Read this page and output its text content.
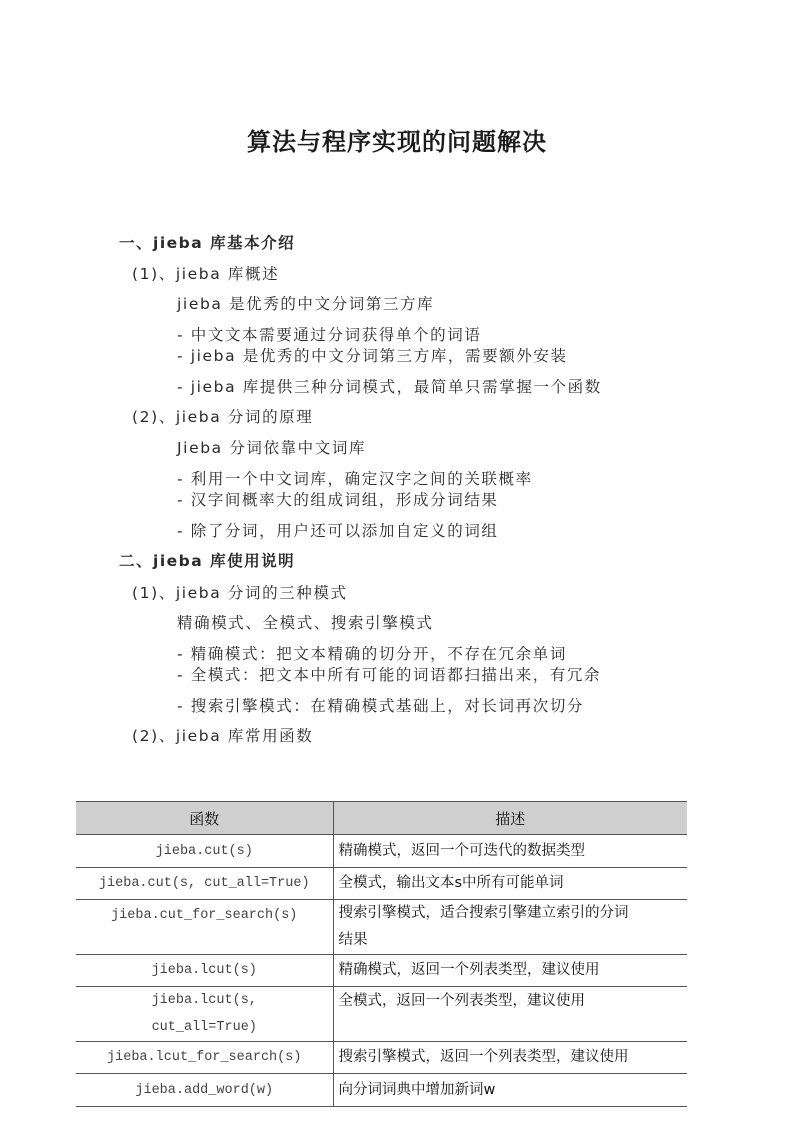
算法与程序实现的问题解决
一、jieba 库基本介绍
(1)、jieba 库概述
jieba 是优秀的中文分词第三方库
- 中文文本需要通过分词获得单个的词语
- jieba 是优秀的中文分词第三方库，需要额外安装
- jieba 库提供三种分词模式，最简单只需掌握一个函数
(2)、jieba 分词的原理
Jieba 分词依靠中文词库
- 利用一个中文词库，确定汉字之间的关联概率
- 汉字间概率大的组成词组，形成分词结果
- 除了分词，用户还可以添加自定义的词组
二、jieba 库使用说明
(1)、jieba 分词的三种模式
精确模式、全模式、搜索引擎模式
- 精确模式：把文本精确的切分开，不存在冗余单词
- 全模式：把文本中所有可能的词语都扫描出来，有冗余
- 搜索引擎模式：在精确模式基础上，对长词再次切分
(2)、jieba 库常用函数
函数	描述
jieba.cut(s)	精确模式，返回一个可迭代的数据类型
jieba.cut(s, cut_all=True)	全模式，输出文本s中所有可能单词
jieba.cut_for_search(s)	搜索引擎模式，适合搜索引擎建立索引的分词
结果

jieba.lcut(s)	精确模式，返回一个列表类型，建议使用

jieba.lcut(s,
cut_all=True)	全模式，返回一个列表类型，建议使用
jieba.lcut_for_search(s)	搜索引擎模式，返回一个列表类型，建议使用
jieba.add_word(w)	向分词词典中增加新词w
